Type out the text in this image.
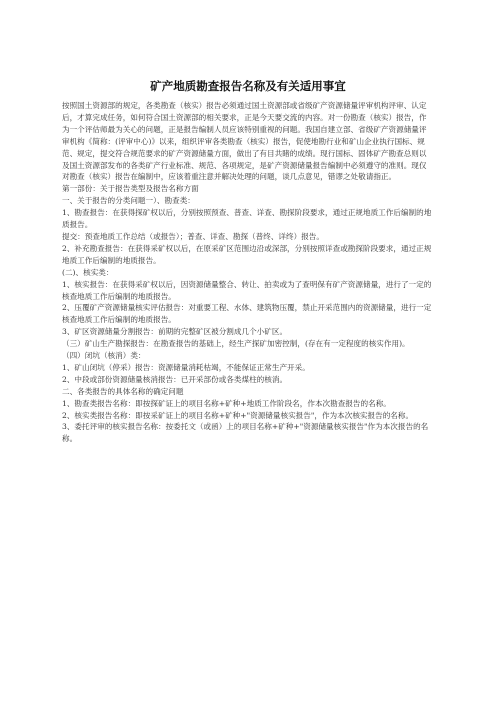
矿产地质勘查报告名称及有关适用事宜

按照国土资源部的规定，各类勘查（核实）报告必须通过国土资源部或省级矿产资源储量评审机构评审、认定后，才算完成任务，如何符合国土资源部的相关要求，正是今天要交流的内容。对一份勘查（核实）报告，作为一个评估师最为关心的问题，正是报告编制人员应该特别重视的问题。我国自建立部、省级矿产资源储量评审机构《简称：(评审中心)》以来，组织评审各类勘查（核实）报告，促使地勘行业和矿山企业执行国标、规范、规定，提交符合规范要求的矿产资源储量方面，做出了有目共睹的成绩。现行国标、固体矿产勘查总则以及国土资源部发布的各类矿产行业标准、规范、各项规定，是矿产资源储量报告编制中必须遵守的准则。现仅对勘查（核实）报告在编制中，应该着重注意并解决处理的问题，谈几点意见，错谬之处敬请指正。

第一部份：关于报告类型及报告名称方面

一、关于报告的分类问题一）、勘查类：

1、勘查报告：在获得探矿权以后，分别按照预查、普查、详查、勘探阶段要求，通过正规地质工作后编制的地质报告。

提交：预查地质工作总结（或报告）；普查、详查、勘探（普终、详终）报告。

2、补充勘查报告：在获得采矿权以后，在原采矿区范围边沿或深部，分别按照详查或勘探阶段要求，通过正规地质工作后编制的地质报告。

(二)、核实类：

1、核实报告：在获得采矿权以后，因资源储量整合、转让、拍卖或为了查明保有矿产资源储量，进行了一定的核查地质工作后编制的地质报告。

2、压覆矿产资源储量核实评估报告：对重要工程、水体、建筑物压覆，禁止开采范围内的资源储量，进行一定核查地质工作后编制的地质报告。

3、矿区资源储量分割报告：前期的完整矿区被分割成几个小矿区。

（三）矿山生产勘探报告：在勘查报告的基础上，经生产探矿加密控制，(存在有一定程度的核实作用)。

（四）闭坑（核消）类：

1、矿山闭坑（停采）报告：资源储量消耗枯竭，不能保证正常生产开采。

2、中段或部份资源储量核消报告：已开采部份或各类煤柱的核消。

二、各类报告的具体名称的确定问题

1、勘查类报告名称：即按探矿证上的项目名称+矿种+地质工作阶段名，作本次勘查报告的名称。

2、核实类报告名称：即按采矿证上的项目名称+矿种+"资源储量核实报告"，作为本次核实报告的名称。

3、委托评审的核实报告名称：按委托文（或函）上的项目名称+矿种+"资源储量核实报告"作为本次报告的名称。
